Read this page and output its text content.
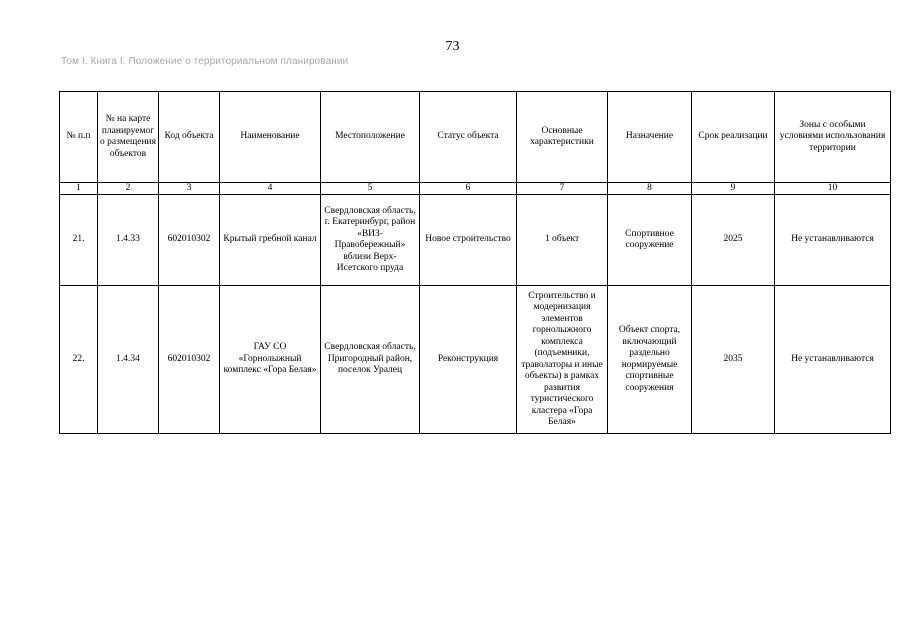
73
Том I. Книга I. Положение о территориальном планировании
№ п.п	№ на карте планируемого размещения объектов	Код объекта	Наименование	Местоположение	Статус объекта	Основные характеристики	Назначение	Срок реализации	Зоны с особыми условиями использования территории
1	2	3	4	5	6	7	8	9	10
21.	1.4.33	602010302	Крытый гребной канал	Свердловская область, г. Екатеринбург, район «ВИЗ-Правобережный» вблизи Верх-Исетского пруда	Новое строительство	1 объект	Спортивное сооружение	2025	Не устанавливаются
22.	1.4.34	602010302	ГАУ СО «Горнолыжный комплекс «Гора Белая»	Свердловская область, Пригородный район, поселок Уралец	Реконструкция	Строительство и модернизация элементов горнолыжного комплекса (подъемники, траволаторы и иные объекты) в рамках развития туристического кластера «Гора Белая»	Объект спорта, включающий раздельно нормируемые спортивные сооружения	2035	Не устанавливаются
